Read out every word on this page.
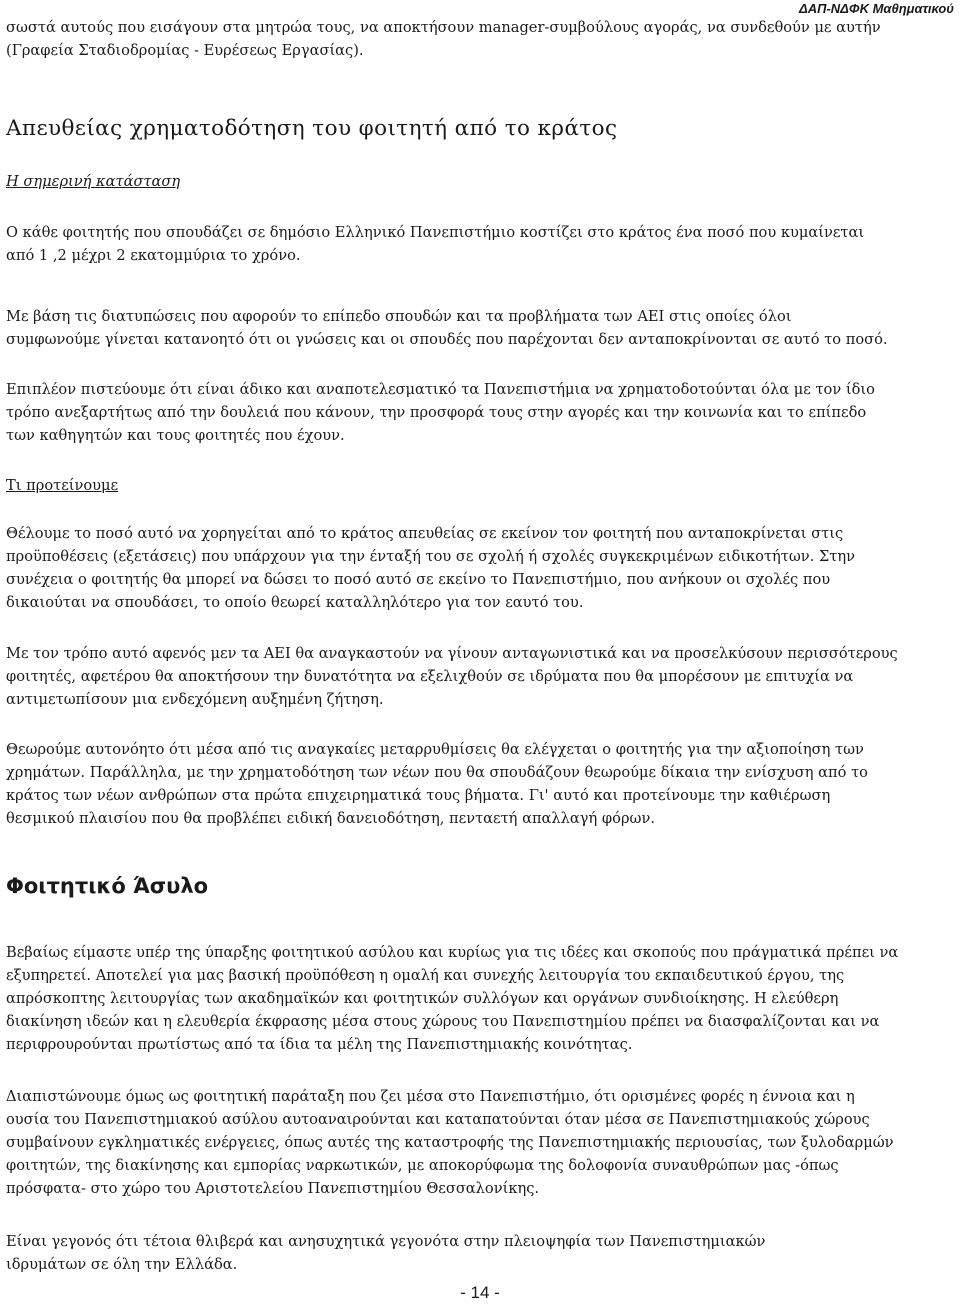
ΔΑΠ-ΝΔΦΚ Μαθηματικού

σωστά αυτούς που εισάγουν στα μητρώα τους, να αποκτήσουν manager-συμβούλους αγοράς, να συνδεθούν με αυτήν

(Γραφεία Σταδιοδρομίας - Ευρέσεως Εργασίας).

Απευθείας χρηματοδότηση του φοιτητή από το κράτος

Η σημερινή κατάσταση

Ο κάθε φοιτητής που σπουδάζει σε δημόσιο Ελληνικό Πανεπιστήμιο κοστίζει στο κράτος ένα ποσό που κυμαίνεται

από 1 ,2 μέχρι 2 εκατομμύρια το χρόνο.

Με βάση τις διατυπώσεις που αφορούν το επίπεδο σπουδών και τα προβλήματα των ΑΕΙ στις οποίες όλοι

συμφωνούμε γίνεται κατανοητό ότι οι γνώσεις και οι σπουδές που παρέχονται δεν ανταποκρίνονται σε αυτό το ποσό.

Επιπλέον πιστεύουμε ότι είναι άδικο και αναποτελεσματικό τα Πανεπιστήμια να χρηματοδοτούνται όλα με τον ίδιο

τρόπο ανεξαρτήτως από την δουλειά που κάνουν, την προσφορά τους στην αγορές και την κοινωνία και το επίπεδο

των καθηγητών και τους φοιτητές που έχουν.

Τι προτείνουμε

Θέλουμε το ποσό αυτό να χορηγείται από το κράτος απευθείας σε εκείνον τον φοιτητή που ανταποκρίνεται στις

προϋποθέσεις (εξετάσεις) που υπάρχουν για την ένταξή του σε σχολή ή σχολές συγκεκριμένων ειδικοτήτων. Στην

συνέχεια ο φοιτητής θα μπορεί να δώσει το ποσό αυτό σε εκείνο το Πανεπιστήμιο, που ανήκουν οι σχολές που

δικαιούται να σπουδάσει, το οποίο θεωρεί καταλληλότερο για τον εαυτό του.

Με τον τρόπο αυτό αφενός μεν τα ΑΕΙ θα αναγκαστούν να γίνουν ανταγωνιστικά και να προσελκύσουν περισσότερους

φοιτητές, αφετέρου θα αποκτήσουν την δυνατότητα να εξελιχθούν σε ιδρύματα που θα μπορέσουν με επιτυχία να

αντιμετωπίσουν μια ενδεχόμενη αυξημένη ζήτηση.

Θεωρούμε αυτονόητο ότι μέσα από τις αναγκαίες μεταρρυθμίσεις θα ελέγχεται ο φοιτητής για την αξιοποίηση των

χρημάτων. Παράλληλα, με την χρηματοδότηση των νέων που θα σπουδάζουν θεωρούμε δίκαια την ενίσχυση από το

κράτος των νέων ανθρώπων στα πρώτα επιχειρηματικά τους βήματα. Γι' αυτό και προτείνουμε την καθιέρωση

θεσμικού πλαισίου που θα προβλέπει ειδική δανειοδότηση, πενταετή απαλλαγή φόρων.

Φοιτητικό Άσυλο

Βεβαίως είμαστε υπέρ της ύπαρξης φοιτητικού ασύλου και κυρίως για τις ιδέες και σκοπούς που πράγματικά πρέπει να

εξυπηρετεί. Αποτελεί για μας βασική προϋπόθεση η ομαλή και συνεχής λειτουργία του εκπαιδευτικού έργου, της

απρόσκοπτης λειτουργίας των ακαδημαϊκών και φοιτητικών συλλόγων και οργάνων συνδιοίκησης. Η ελεύθερη

διακίνηση ιδεών και η ελευθερία έκφρασης μέσα στους χώρους του Πανεπιστημίου πρέπει να διασφαλίζονται και να

περιφρουρούνται πρωτίστως από τα ίδια τα μέλη της Πανεπιστημιακής κοινότητας.

Διαπιστώνουμε όμως ως φοιτητική παράταξη που ζει μέσα στο Πανεπιστήμιο, ότι ορισμένες φορές η έννοια και η

ουσία του Πανεπιστημιακού ασύλου αυτοαναιρούνται και καταπατούνται όταν μέσα σε Πανεπιστημιακούς χώρους

συμβαίνουν εγκληματικές ενέργειες, όπως αυτές της καταστροφής της Πανεπιστημιακής περιουσίας, των ξυλοδαρμών

φοιτητών, της διακίνησης και εμπορίας ναρκωτικών, με αποκορύφωμα της δολοφονία συναυθρώπων μας -όπως

πρόσφατα- στο χώρο του Αριστοτελείου Πανεπιστημίου Θεσσαλονίκης.

Είναι γεγονός ότι τέτοια θλιβερά και ανησυχητικά γεγονότα στην πλειοψηφία των Πανεπιστημιακών

ιδρυμάτων σε όλη την Ελλάδα.

- 14 -
